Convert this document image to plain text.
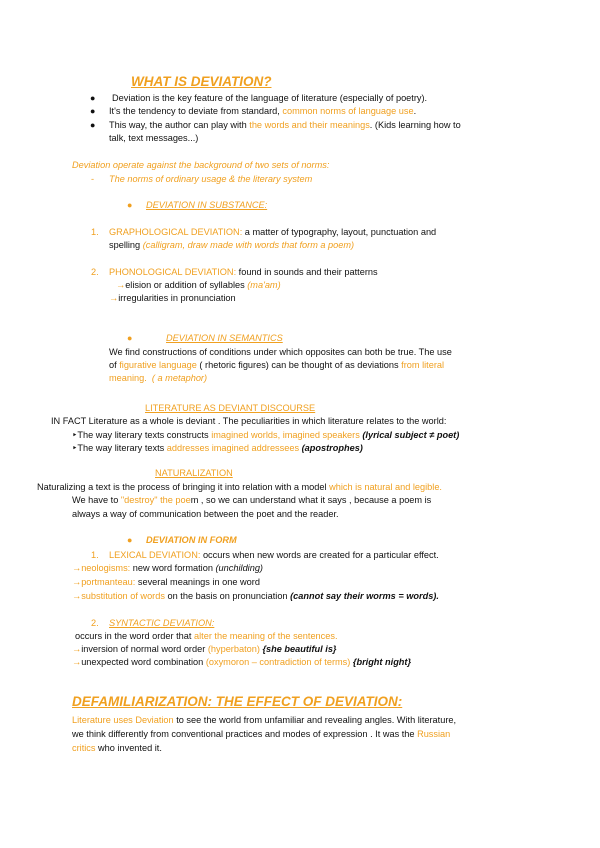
WHAT IS DEVIATION?
● Deviation is the key feature of the language of literature (especially of poetry).
● It's the tendency to deviate from standard, common norms of language use.
● This way, the author can play with the words and their meanings. (Kids learning how to
talk, text messages...)
Deviation operate against the background of two sets of norms:
- The norms of ordinary usage & the literary system
● DEVIATION IN SUBSTANCE:
1. GRAPHOLOGICAL DEVIATION: a matter of typography, layout, punctuation and
spelling (calligram, draw made with words that form a poem)
2. PHONOLOGICAL DEVIATION: found in sounds and their patterns
→elision or addition of syllables (ma'am)
→irregularities in pronunciation
●	DEVIATION IN SEMANTICS
We find constructions of conditions under which opposites can both be true. The use
of figurative language ( rhetoric figures) can be thought of as deviations from literal
meaning. ( a metaphor)
LITERATURE AS DEVIANT DISCOURSE
IN FACT Literature as a whole is deviant . The peculiarities in which literature relates to the world:
‣The way literary texts constructs imagined worlds, imagined speakers (lyrical subject ≠ poet)
‣The way literary texts addresses imagined addressees (apostrophes)
NATURALIZATION
Naturalizing a text is the process of bringing it into relation with a model which is natural and legible.
We have to "destroy" the poem , so we can understand what it says , because a poem is
always a way of communication between the poet and the reader.
● DEVIATION IN FORM
1. LEXICAL DEVIATION: occurs when new words are created for a particular effect.
→neologisms: new word formation (unchilding)
→portmanteau: several meanings in one word
→substitution of words on the basis on pronunciation (cannot say their worms = words).
2. SYNTACTIC DEVIATION:
occurs in the word order that alter the meaning of the sentences.
→inversion of normal word order (hyperbaton) {she beautiful is}
→unexpected word combination (oxymoron – contradiction of terms) {bright night}
DEFAMILIARIZATION: THE EFFECT OF DEVIATION:
Literature uses Deviation to see the world from unfamiliar and revealing angles. With literature,
we think differently from conventional practices and modes of expression . It was the Russian
critics who invented it.
